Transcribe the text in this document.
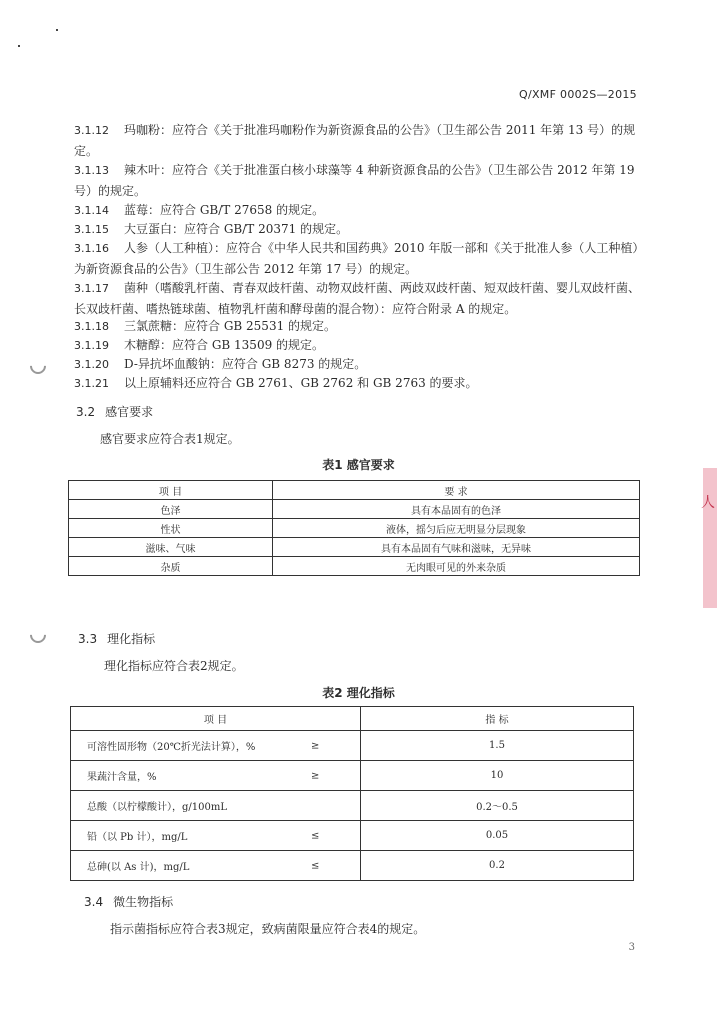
Q/XMF 0002S—2015
3.1.12 玛咖粉：应符合《关于批准玛咖粉作为新资源食品的公告》（卫生部公告 2011 年第 13 号）的规定。
3.1.13 辣木叶：应符合《关于批准蛋白核小球藻等 4 种新资源食品的公告》（卫生部公告 2012 年第 19 号）的规定。
3.1.14 蓝莓：应符合 GB/T 27658 的规定。
3.1.15 大豆蛋白：应符合 GB/T 20371 的规定。
3.1.16 人参（人工种植）：应符合《中华人民共和国药典》2010 年版一部和《关于批准人参（人工种植）为新资源食品的公告》（卫生部公告 2012 年第 17 号）的规定。
3.1.17 菌种（嗜酸乳杆菌、青春双歧杆菌、动物双歧杆菌、两歧双歧杆菌、短双歧杆菌、婴儿双歧杆菌、长双歧杆菌、嗜热链球菌、植物乳杆菌和酵母菌的混合物）：应符合附录 A 的规定。
3.1.18 三氯蔗糖：应符合 GB 25531 的规定。
3.1.19 木糖醇：应符合 GB 13509 的规定。
3.1.20 D-异抗坏血酸钠：应符合 GB 8273 的规定。
3.1.21 以上原辅料还应符合 GB 2761、GB 2762 和 GB 2763 的要求。
3.2 感官要求
感官要求应符合表1规定。
表1 感官要求
项 目	要 求
色泽	具有本品固有的色泽
性状	液体，摇匀后应无明显分层现象
滋味、气味	具有本品固有气味和滋味，无异味
杂质	无肉眼可见的外来杂质
3.3 理化指标
理化指标应符合表2规定。
表2 理化指标
项 目	指 标
可溶性固形物（20℃折光法计算），% ≥	1.5
果蔬汁含量，% ≥	10
总酸（以柠檬酸计），g/100mL	0.2～0.5
铅（以 Pb 计），mg/L ≤	0.05
总砷(以 As 计)，mg/L ≤	0.2
3.4 微生物指标
指示菌指标应符合表3规定，致病菌限量应符合表4的规定。
3
人
